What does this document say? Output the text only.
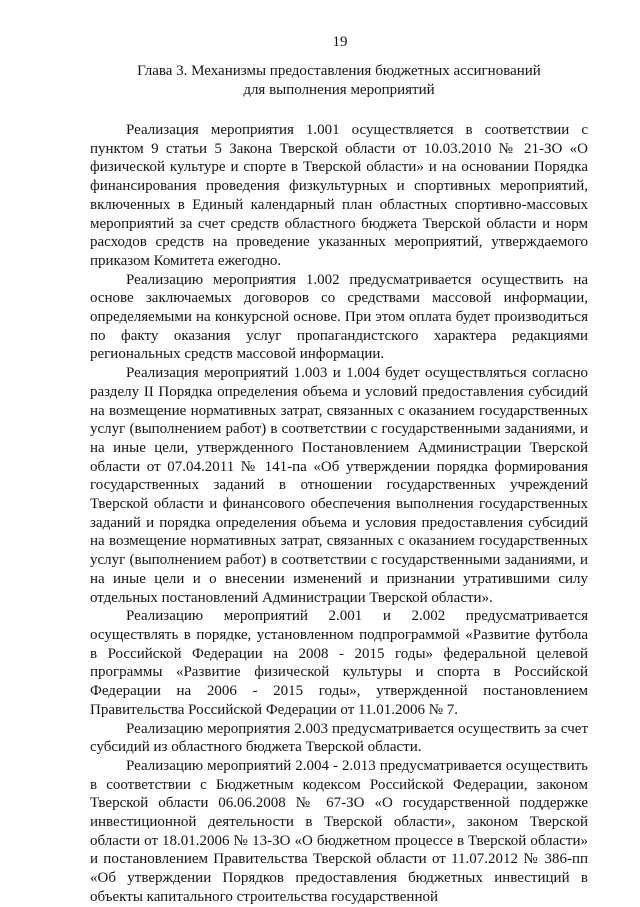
19
Глава 3. Механизмы предоставления бюджетных ассигнований
для выполнения мероприятий

Реализация мероприятия 1.001 осуществляется в соответствии с пунктом 9 статьи 5 Закона Тверской области от 10.03.2010 № 21-ЗО «О физической культуре и спорте в Тверской области» и на основании Порядка финансирования проведения физкультурных и спортивных мероприятий, включенных в Единый календарный план областных спортивно-массовых мероприятий за счет средств областного бюджета Тверской области и норм расходов средств на проведение указанных мероприятий, утверждаемого приказом Комитета ежегодно.

Реализацию мероприятия 1.002 предусматривается осуществить на основе заключаемых договоров со средствами массовой информации, определяемыми на конкурсной основе. При этом оплата будет производиться по факту оказания услуг пропагандистского характера редакциями региональных средств массовой информации.

Реализация мероприятий 1.003 и 1.004 будет осуществляться согласно разделу II Порядка определения объема и условий предоставления субсидий на возмещение нормативных затрат, связанных с оказанием государственных услуг (выполнением работ) в соответствии с государственными заданиями, и на иные цели, утвержденного Постановлением Администрации Тверской области от 07.04.2011 № 141-па «Об утверждении порядка формирования государственных заданий в отношении государственных учреждений Тверской области и финансового обеспечения выполнения государственных заданий и порядка определения объема и условия предоставления субсидий на возмещение нормативных затрат, связанных с оказанием государственных услуг (выполнением работ) в соответствии с государственными заданиями, и на иные цели и о внесении изменений и признании утратившими силу отдельных постановлений Администрации Тверской области».

Реализацию мероприятий 2.001 и 2.002 предусматривается осуществлять в порядке, установленном подпрограммой «Развитие футбола в Российской Федерации на 2008 - 2015 годы» федеральной целевой программы «Развитие физической культуры и спорта в Российской Федерации на 2006 - 2015 годы», утвержденной постановлением Правительства Российской Федерации от 11.01.2006 № 7.

Реализацию мероприятия 2.003 предусматривается осуществить за счет субсидий из областного бюджета Тверской области.

Реализацию мероприятий 2.004 - 2.013 предусматривается осуществить в соответствии с Бюджетным кодексом Российской Федерации, законом Тверской области 06.06.2008 № 67-ЗО «О государственной поддержке инвестиционной деятельности в Тверской области», законом Тверской области от 18.01.2006 № 13-ЗО «О бюджетном процессе в Тверской области» и постановлением Правительства Тверской области от 11.07.2012 № 386-пп «Об утверждении Порядков предоставления бюджетных инвестиций в объекты капитального строительства государственной
